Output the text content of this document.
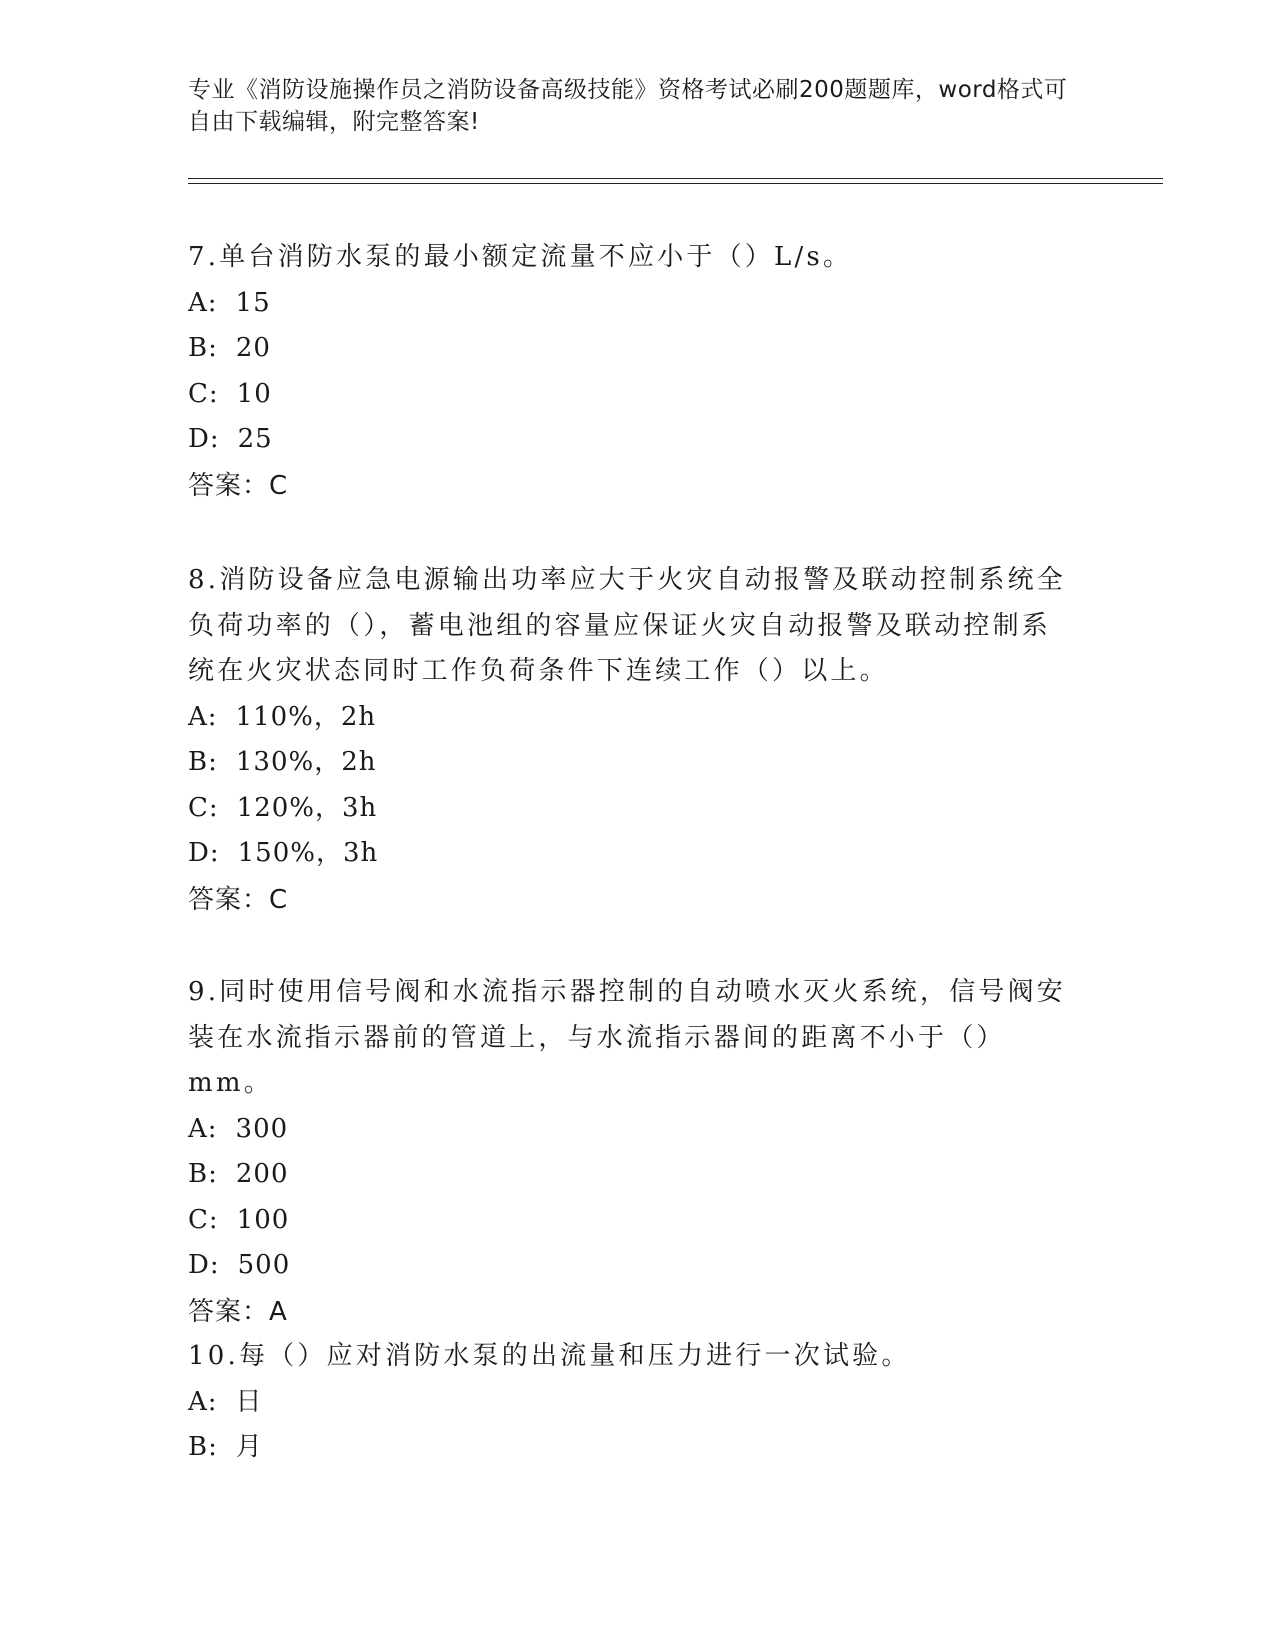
专业《消防设施操作员之消防设备高级技能》资格考试必刷200题题库，word格式可自由下载编辑，附完整答案!
7.单台消防水泵的最小额定流量不应小于（）L/s。
A: 15
B: 20
C: 10
D: 25
答案：C
8.消防设备应急电源输出功率应大于火灾自动报警及联动控制系统全负荷功率的（），蓄电池组的容量应保证火灾自动报警及联动控制系统在火灾状态同时工作负荷条件下连续工作（）以上。
A: 110%，2h
B: 130%，2h
C: 120%，3h
D: 150%，3h
答案：C
9.同时使用信号阀和水流指示器控制的自动喷水灭火系统，信号阀安装在水流指示器前的管道上，与水流指示器间的距离不小于（）mm。
A: 300
B: 200
C: 100
D: 500
答案：A
10.每（）应对消防水泵的出流量和压力进行一次试验。
A: 日
B: 月
